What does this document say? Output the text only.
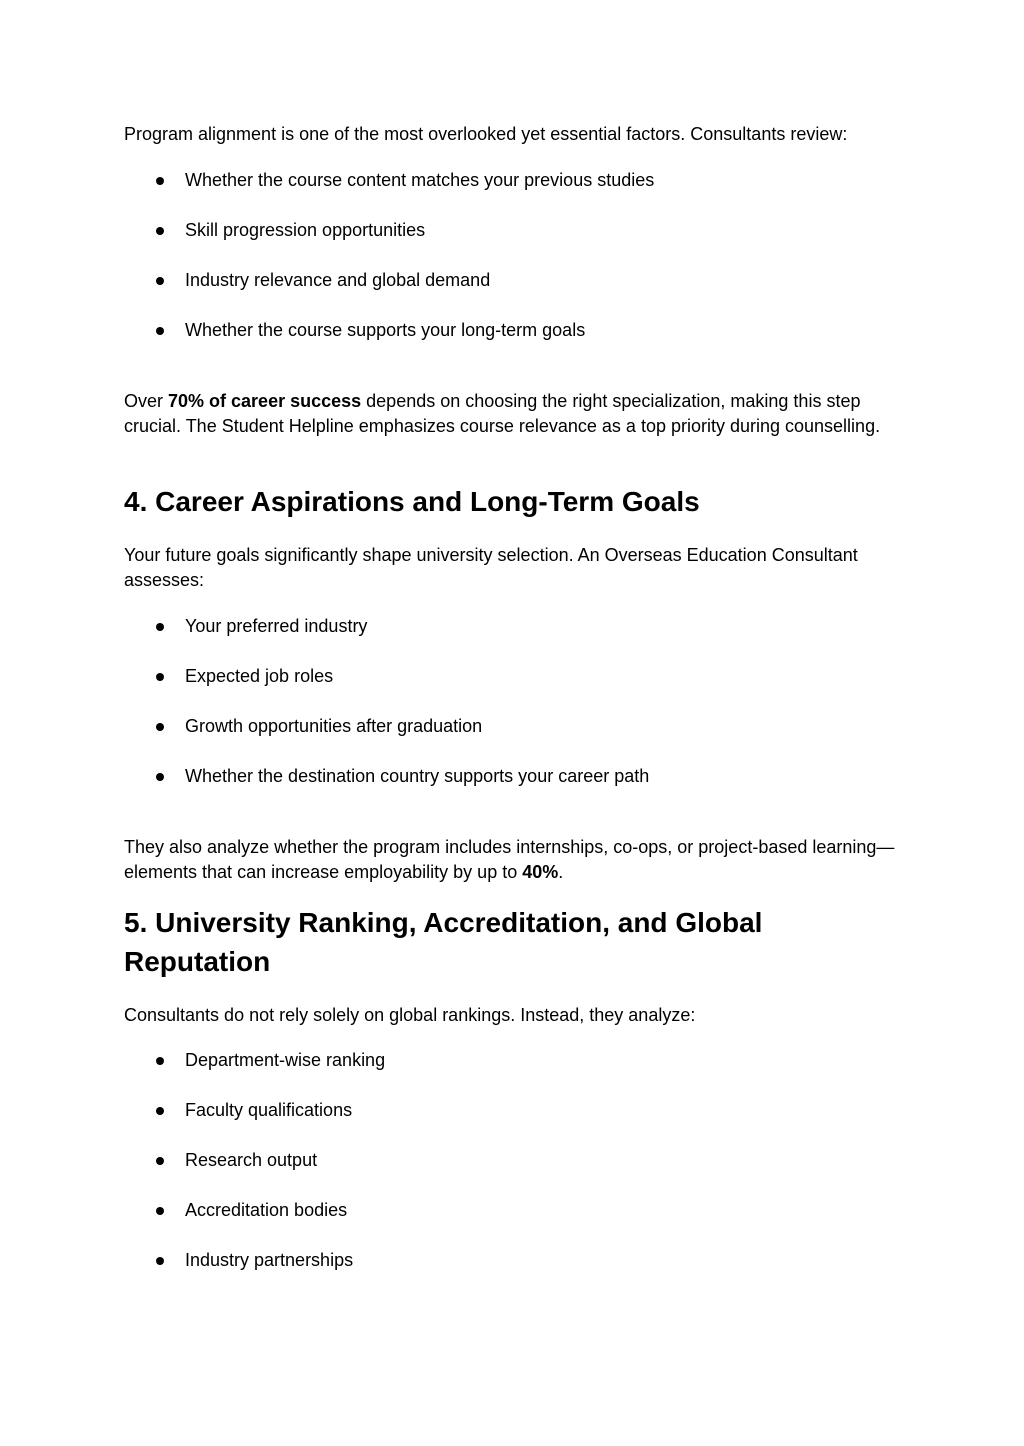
Program alignment is one of the most overlooked yet essential factors. Consultants review:

Whether the course content matches your previous studies
Skill progression opportunities
Industry relevance and global demand
Whether the course supports your long-term goals

Over 70% of career success depends on choosing the right specialization, making this step crucial. The Student Helpline emphasizes course relevance as a top priority during counselling.

4. Career Aspirations and Long-Term Goals

Your future goals significantly shape university selection. An Overseas Education Consultant assesses:

Your preferred industry
Expected job roles
Growth opportunities after graduation
Whether the destination country supports your career path

They also analyze whether the program includes internships, co-ops, or project-based learning—elements that can increase employability by up to 40%.

5. University Ranking, Accreditation, and Global Reputation

Consultants do not rely solely on global rankings. Instead, they analyze:

Department-wise ranking
Faculty qualifications
Research output
Accreditation bodies
Industry partnerships
